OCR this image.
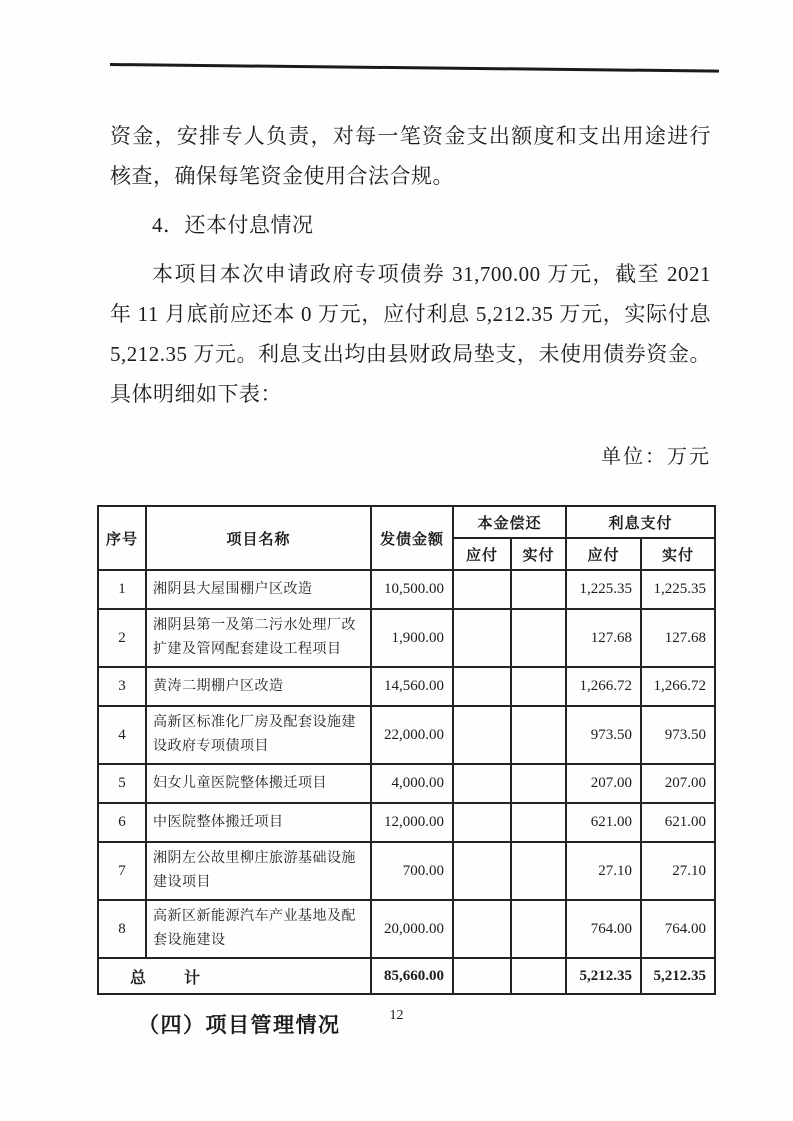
资金，安排专人负责，对每一笔资金支出额度和支出用途进行核查，确保每笔资金使用合法合规。

4．还本付息情况

本项目本次申请政府专项债券 31,700.00 万元，截至 2021 年 11 月底前应还本 0 万元，应付利息 5,212.35 万元，实际付息 5,212.35 万元。利息支出均由县财政局垫支，未使用债券资金。具体明细如下表：

单位：万元
序号	项目名称	发债金额	本金偿还		利息支付	
			应付	实付	应付	实付
1	湘阴县大屋围棚户区改造	10,500.00			1,225.35	1,225.35
2	湘阴县第一及第二污水处理厂改扩建及管网配套建设工程项目	1,900.00			127.68	127.68
3	黄涛二期棚户区改造	14,560.00			1,266.72	1,266.72
4	高新区标准化厂房及配套设施建设政府专项债项目	22,000.00			973.50	973.50
5	妇女儿童医院整体搬迁项目	4,000.00			207.00	207.00
6	中医院整体搬迁项目	12,000.00			621.00	621.00
7	湘阴左公故里柳庄旅游基础设施建设项目	700.00			27.10	27.10
8	高新区新能源汽车产业基地及配套设施建设	20,000.00			764.00	764.00
总　　计		85,660.00			5,212.35	5,212.35
（四）项目管理情况	12
